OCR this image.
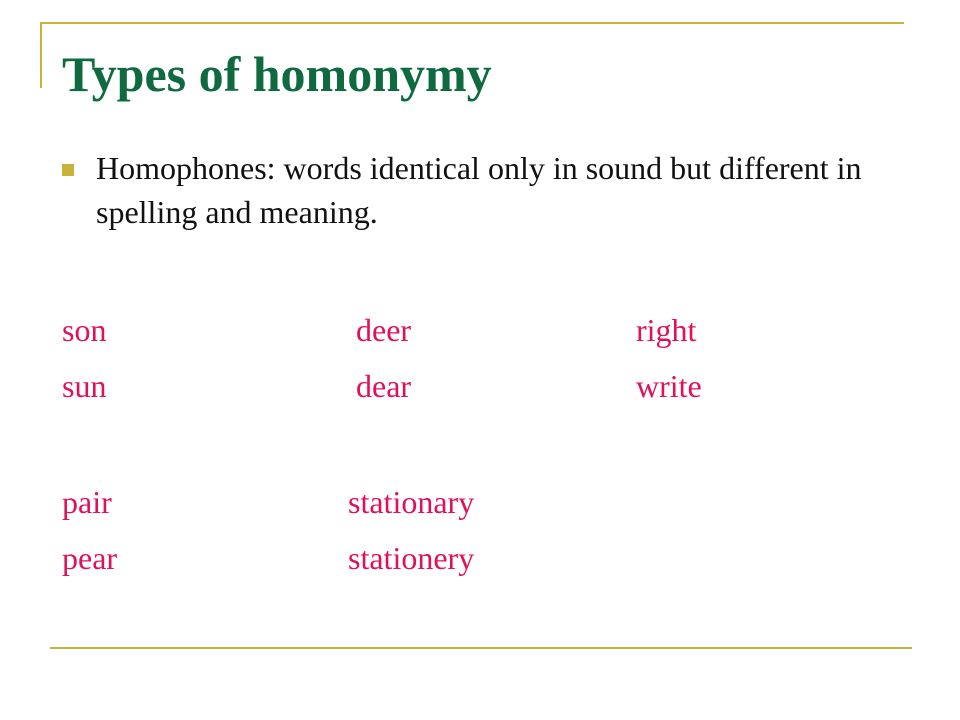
Types of homonymy
Homophones: words identical only in sound but different in spelling and meaning.
son	deer	right
sun	dear	write
pair	stationary
pear	stationery
